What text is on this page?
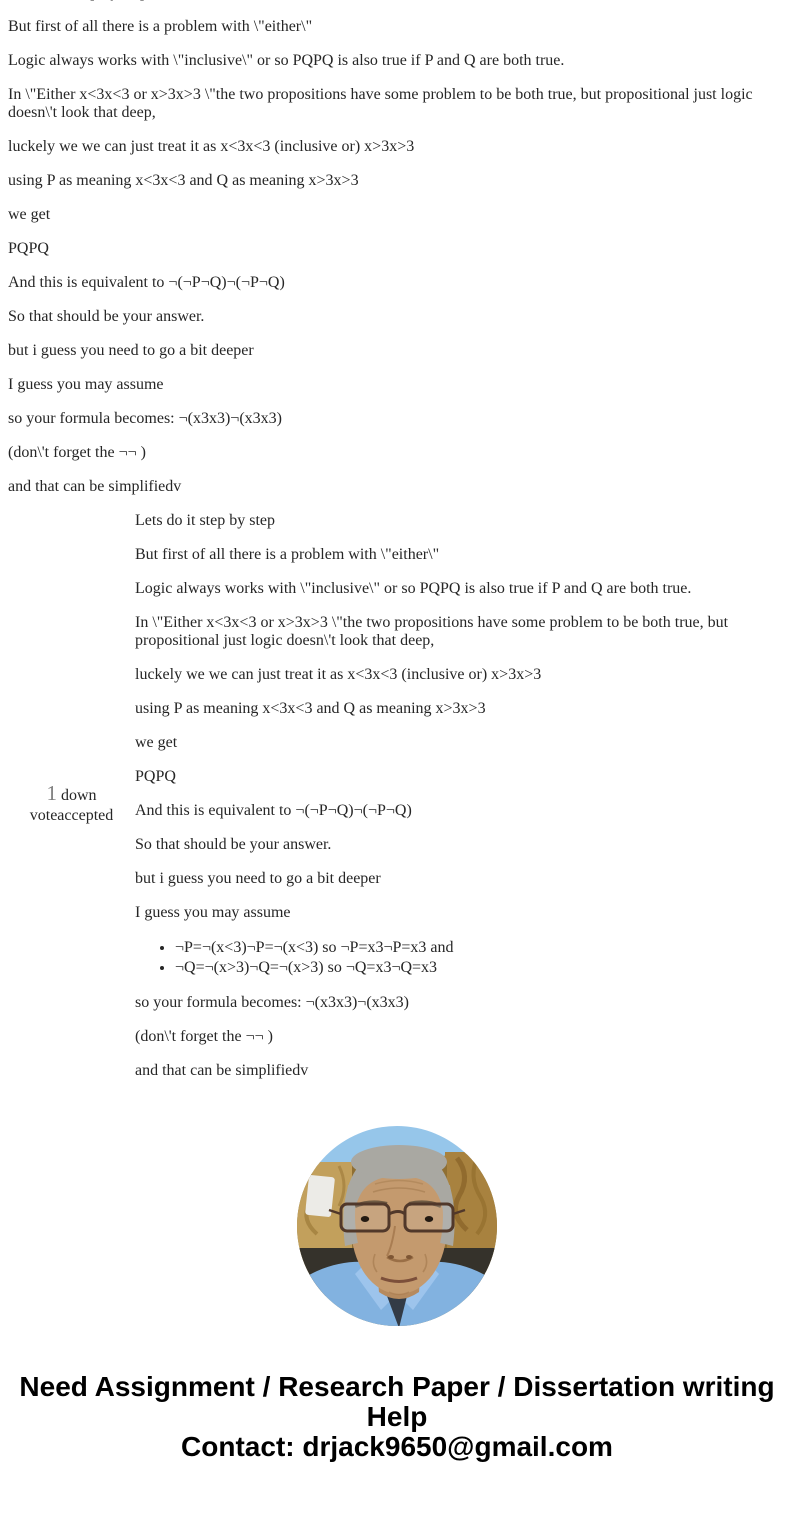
But first of all there is a problem with \"either\"

Logic always works with \"inclusive\" or so PQPQ is also true if P and Q are both true.

In \"Either x<3x<3 or x>3x>3 \"the two propositions have some problem to be both true, but propositional just logic doesn\'t look that deep,

luckely we we can just treat it as x<3x<3 (inclusive or) x>3x>3

using P as meaning x<3x<3 and Q as meaning x>3x>3

we get

PQPQ

And this is equivalent to ¬(¬P¬Q)¬(¬P¬Q)

So that should be your answer.

but i guess you need to go a bit deeper

I guess you may assume

so your formula becomes: ¬(x3x3)¬(x3x3)

(don\'t forget the ¬¬ )

and that can be simplifiedv

1 down voteaccepted

Lets do it step by step

But first of all there is a problem with \"either\"

Logic always works with \"inclusive\" or so PQPQ is also true if P and Q are both true.

In \"Either x<3x<3 or x>3x>3 \"the two propositions have some problem to be both true, but propositional just logic doesn\'t look that deep,

luckely we we can just treat it as x<3x<3 (inclusive or) x>3x>3

using P as meaning x<3x<3 and Q as meaning x>3x>3

we get

PQPQ

And this is equivalent to ¬(¬P¬Q)¬(¬P¬Q)

So that should be your answer.

but i guess you need to go a bit deeper

I guess you may assume

• ¬P=¬(x<3)¬P=¬(x<3) so ¬P=x3¬P=x3 and
• ¬Q=¬(x>3)¬Q=¬(x>3) so ¬Q=x3¬Q=x3

so your formula becomes: ¬(x3x3)¬(x3x3)

(don\'t forget the ¬¬ )

and that can be simplifiedv

Need Assignment / Research Paper / Dissertation writing Help
Contact: drjack9650@gmail.com
